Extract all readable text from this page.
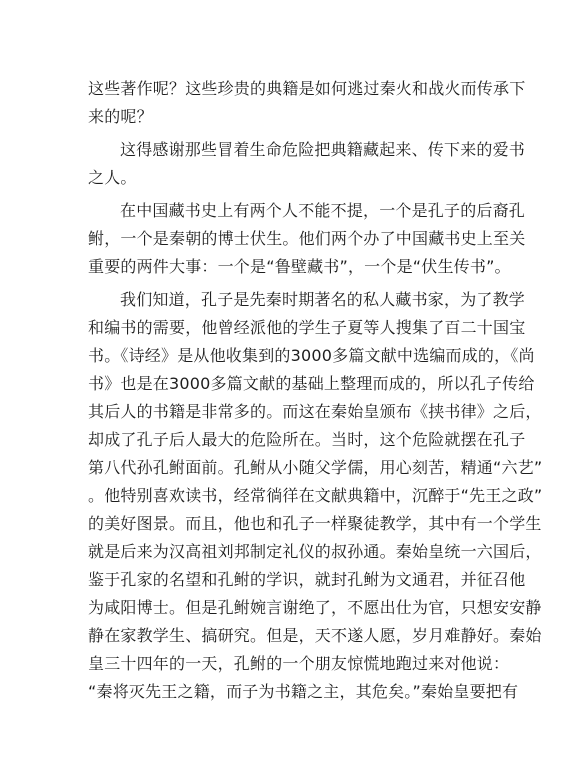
这些著作呢？这些珍贵的典籍是如何逃过秦火和战火而传承下
来的呢？
这得感谢那些冒着生命危险把典籍藏起来、传下来的爱书
之人。
在中国藏书史上有两个人不能不提，一个是孔子的后裔孔
鲋，一个是秦朝的博士伏生。他们两个办了中国藏书史上至关
重要的两件大事：一个是“鲁壁藏书”，一个是“伏生传书”。
我们知道，孔子是先秦时期著名的私人藏书家，为了教学
和编书的需要，他曾经派他的学生子夏等人搜集了百二十国宝
书。《诗经》是从他收集到的3000多篇文献中选编而成的，《尚
书》也是在3000多篇文献的基础上整理而成的，所以孔子传给
其后人的书籍是非常多的。而这在秦始皇颁布《挟书律》之后，
却成了孔子后人最大的危险所在。当时，这个危险就摆在孔子
第八代孙孔鲋面前。孔鲋从小随父学儒，用心刻苦，精通“六艺”
。他特别喜欢读书，经常徜徉在文献典籍中，沉醉于“先王之政”
的美好图景。而且，他也和孔子一样聚徒教学，其中有一个学生
就是后来为汉高祖刘邦制定礼仪的叔孙通。秦始皇统一六国后，
鉴于孔家的名望和孔鲋的学识，就封孔鲋为文通君，并征召他
为咸阳博士。但是孔鲋婉言谢绝了，不愿出仕为官，只想安安静
静在家教学生、搞研究。但是，天不遂人愿，岁月难静好。秦始
皇三十四年的一天，孔鲋的一个朋友惊慌地跑过来对他说：
“秦将灭先王之籍，而子为书籍之主，其危矣。”秦始皇要把有
